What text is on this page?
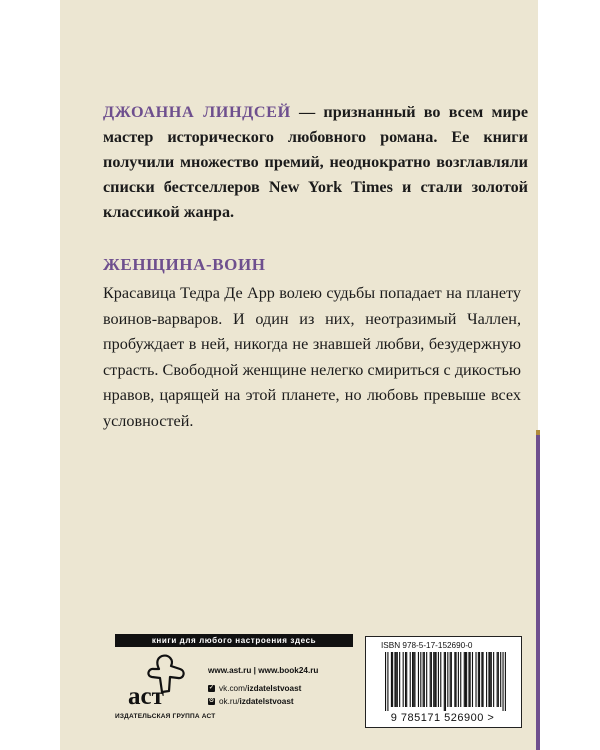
ДЖОАННА ЛИНДСЕЙ — признанный во всем мире мастер исторического любовного романа. Ее книги получили множество премий, неоднократно возглавляли списки бестселлеров New York Times и стали золотой классикой жанра.

ЖЕНЩИНА-ВОИН

Красавица Тедра Де Арр волею судьбы попадает на планету воинов-варваров. И один из них, неотразимый Чаллен, пробуждает в ней, никогда не знавшей любви, безудержную страсть. Свободной женщине нелегко смириться с дикостью нравов, царящей на этой планете, но любовь превыше всех условностей.

книги для любого настроения здесь
аст
ИЗДАТЕЛЬСКАЯ ГРУППА АСТ
www.ast.ru | www.book24.ru
✓ vk.com/ izdatelstvoast
ʘ ok.ru/ izdatelstvoast
ISBN 978-5-17-152690-0
9 785171 526900 >
